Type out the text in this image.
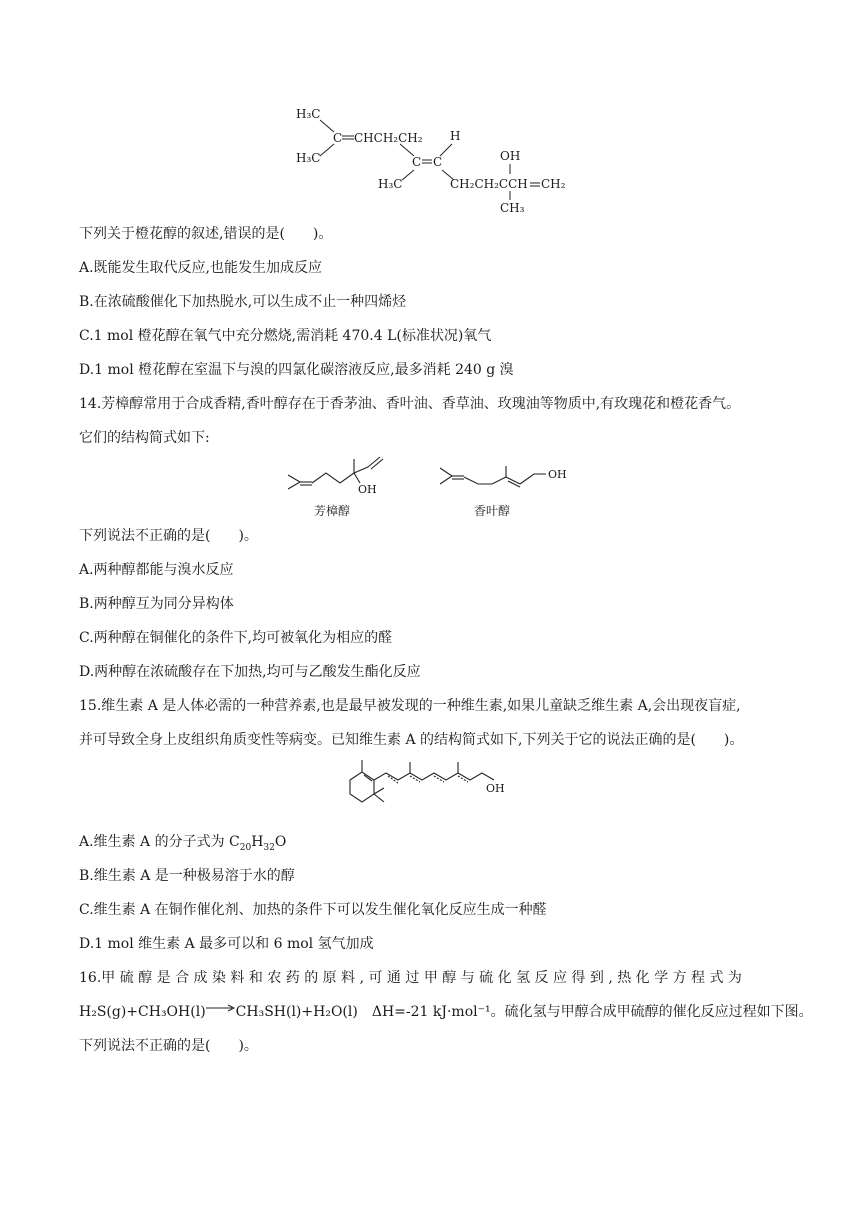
H₃C
H₃C
C CHCH₂CH₂ H
C C
H₃C
OH
CH₂CH₂CCH CH₂
CH₃
下列关于橙花醇的叙述,错误的是(　　)。
A.既能发生取代反应,也能发生加成反应
B.在浓硫酸催化下加热脱水,可以生成不止一种四烯烃
C.1 mol 橙花醇在氧气中充分燃烧,需消耗 470.4 L(标准状况)氧气
D.1 mol 橙花醇在室温下与溴的四氯化碳溶液反应,最多消耗 240 g 溴
14.芳樟醇常用于合成香精,香叶醇存在于香茅油、香叶油、香草油、玫瑰油等物质中,有玫瑰花和橙花香气。
它们的结构简式如下:
OH
芳樟醇
OH
香叶醇
下列说法不正确的是(　　)。
A.两种醇都能与溴水反应
B.两种醇互为同分异构体
C.两种醇在铜催化的条件下,均可被氧化为相应的醛
D.两种醇在浓硫酸存在下加热,均可与乙酸发生酯化反应
15.维生素 A 是人体必需的一种营养素,也是最早被发现的一种维生素,如果儿童缺乏维生素 A,会出现夜盲症,
并可导致全身上皮组织角质变性等病变。已知维生素 A 的结构简式如下,下列关于它的说法正确的是(　　)。
OH
A.维生素 A 的分子式为 $C_{20}H_{32}O$
B.维生素 A 是一种极易溶于水的醇
C.维生素 A 在铜作催化剂、加热的条件下可以发生催化氧化反应生成一种醛
D.1 mol 维生素 A 最多可以和 6 mol 氢气加成
16.甲 硫 醇 是 合 成 染 料 和 农 药 的 原 料 , 可 通 过 甲 醇 与 硫 化 氢 反 应 得 到 , 热 化 学 方 程 式 为
H₂S(g)+CH₃OH(l)→CH₃SH(l)+H₂O(l) ΔH=-21 kJ·mol⁻¹。硫化氢与甲醇合成甲硫醇的催化反应过程如下图。
下列说法不正确的是(　　)。
